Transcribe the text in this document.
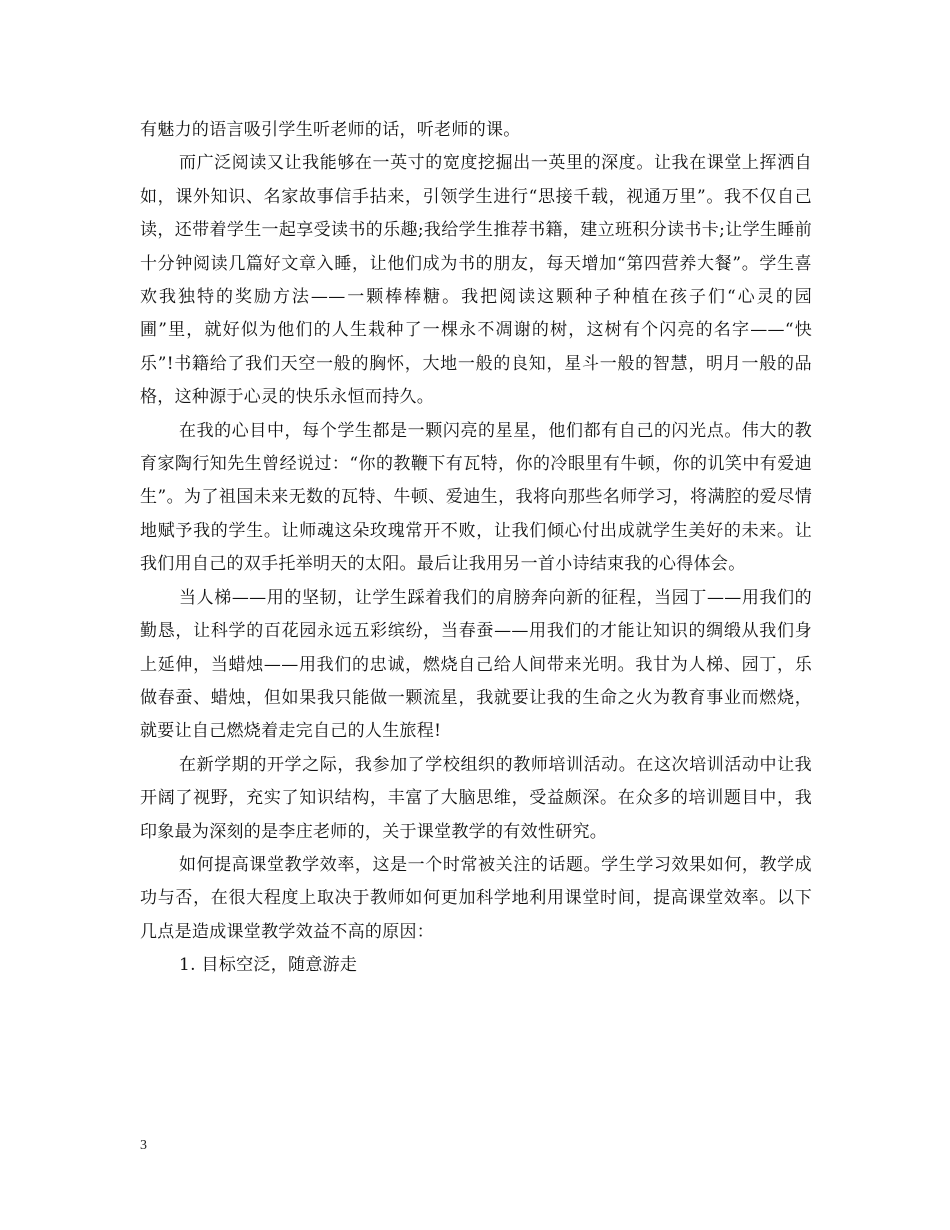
有魅力的语言吸引学生听老师的话，听老师的课。

而广泛阅读又让我能够在一英寸的宽度挖掘出一英里的深度。让我在课堂上挥洒自如，课外知识、名家故事信手拈来，引领学生进行“思接千载，视通万里”。我不仅自己读，还带着学生一起享受读书的乐趣;我给学生推荐书籍，建立班积分读书卡;让学生睡前十分钟阅读几篇好文章入睡，让他们成为书的朋友，每天增加“第四营养大餐”。学生喜欢我独特的奖励方法——一颗棒棒糖。我把阅读这颗种子种植在孩子们“心灵的园圃”里，就好似为他们的人生栽种了一棵永不凋谢的树，这树有个闪亮的名字——“快乐”!书籍给了我们天空一般的胸怀，大地一般的良知，星斗一般的智慧，明月一般的品格，这种源于心灵的快乐永恒而持久。

在我的心目中，每个学生都是一颗闪亮的星星，他们都有自己的闪光点。伟大的教育家陶行知先生曾经说过：“你的教鞭下有瓦特，你的冷眼里有牛顿，你的讥笑中有爱迪生”。为了祖国未来无数的瓦特、牛顿、爱迪生，我将向那些名师学习，将满腔的爱尽情地赋予我的学生。让师魂这朵玫瑰常开不败，让我们倾心付出成就学生美好的未来。让我们用自己的双手托举明天的太阳。最后让我用另一首小诗结束我的心得体会。

当人梯——用的坚韧，让学生踩着我们的肩膀奔向新的征程，当园丁——用我们的勤恳，让科学的百花园永远五彩缤纷，当春蚕——用我们的才能让知识的绸缎从我们身上延伸，当蜡烛——用我们的忠诚，燃烧自己给人间带来光明。我甘为人梯、园丁，乐做春蚕、蜡烛，但如果我只能做一颗流星，我就要让我的生命之火为教育事业而燃烧，就要让自己燃烧着走完自己的人生旅程!

在新学期的开学之际，我参加了学校组织的教师培训活动。在这次培训活动中让我开阔了视野，充实了知识结构，丰富了大脑思维，受益颇深。在众多的培训题目中，我印象最为深刻的是李庄老师的，关于课堂教学的有效性研究。

如何提高课堂教学效率，这是一个时常被关注的话题。学生学习效果如何，教学成功与否，在很大程度上取决于教师如何更加科学地利用课堂时间，提高课堂效率。以下几点是造成课堂教学效益不高的原因：

1. 目标空泛，随意游走

3
